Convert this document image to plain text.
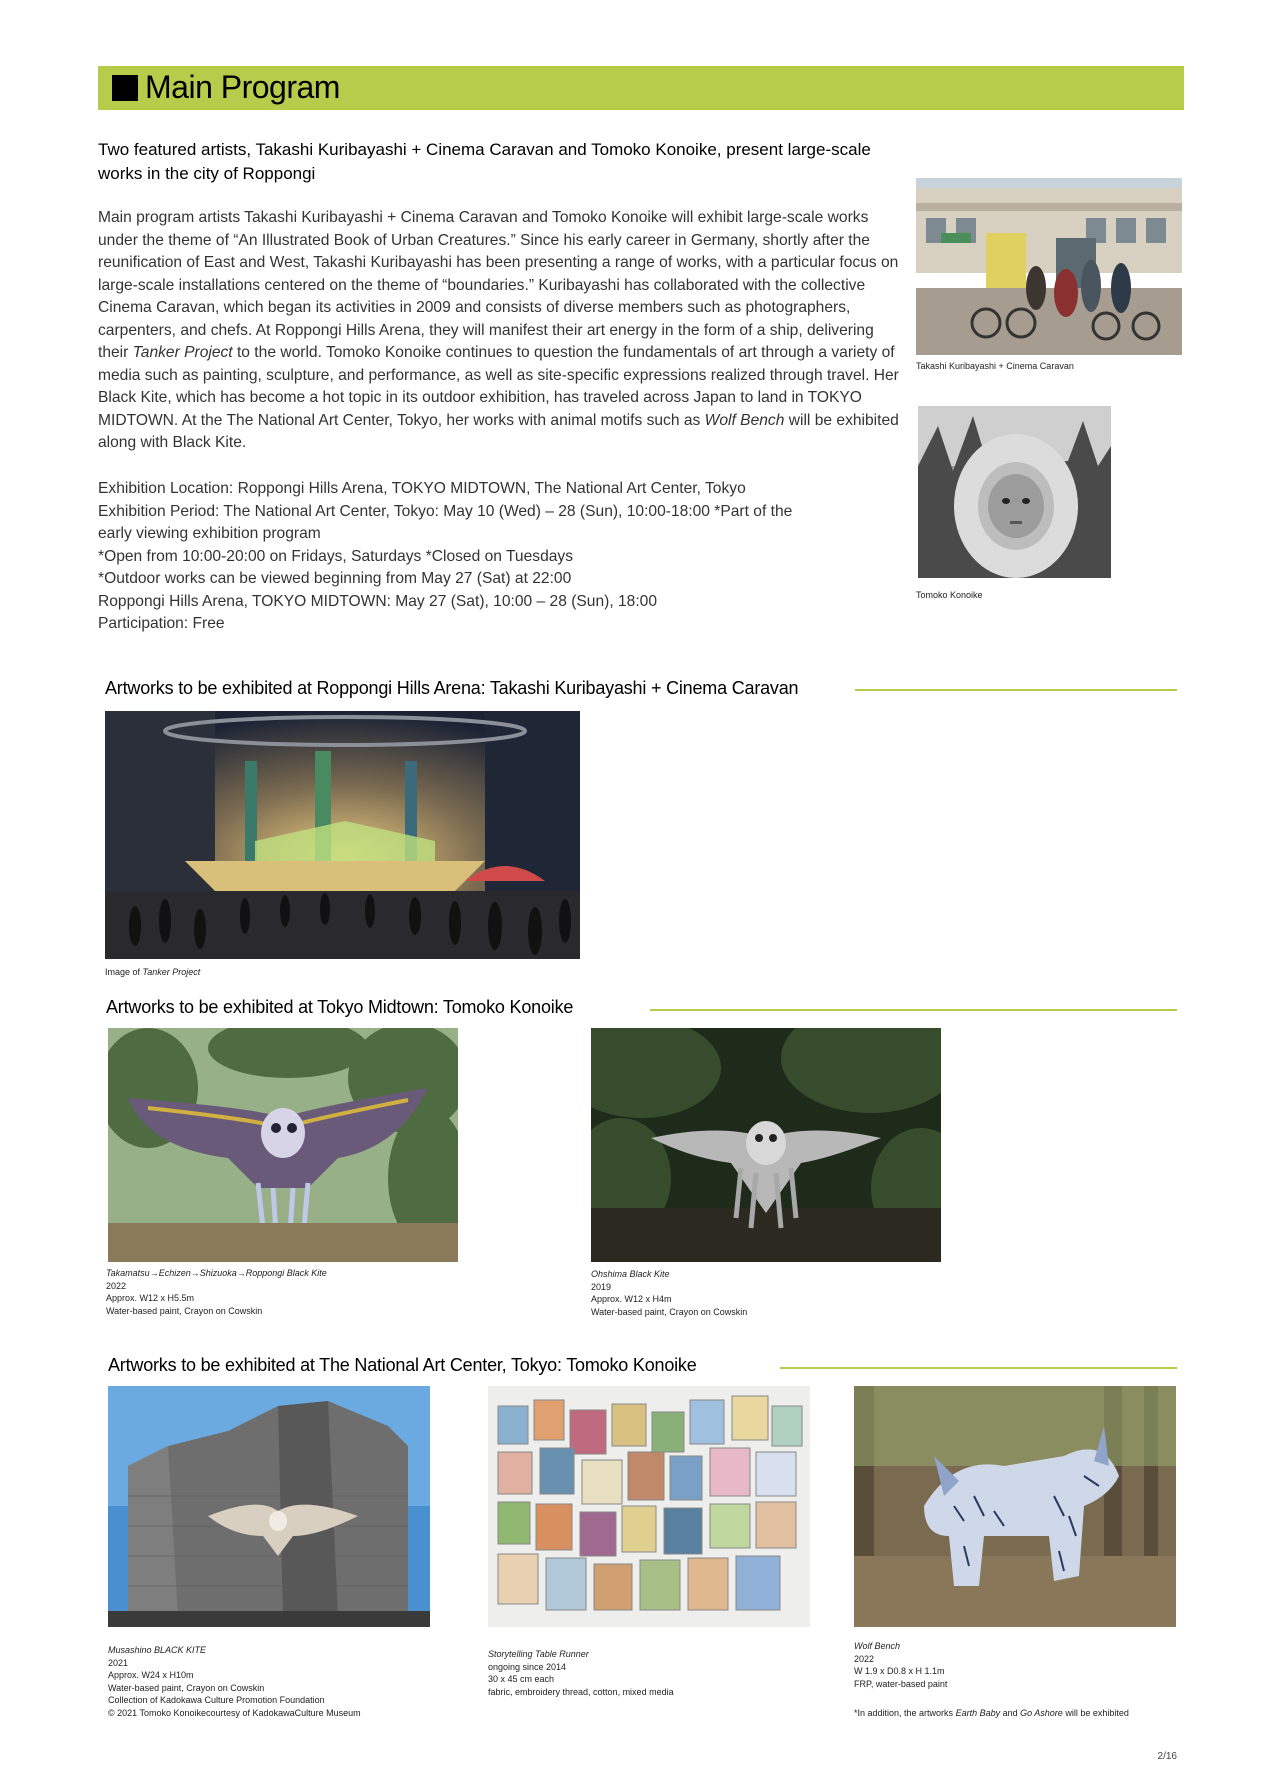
Main Program
Two featured artists, Takashi Kuribayashi + Cinema Caravan and Tomoko Konoike, present large-scale works in the city of Roppongi
Main program artists Takashi Kuribayashi + Cinema Caravan and Tomoko Konoike will exhibit large-scale works under the theme of “An Illustrated Book of Urban Creatures.” Since his early career in Germany, shortly after the reunification of East and West, Takashi Kuribayashi has been presenting a range of works, with a particular focus on large-scale installations centered on the theme of “boundaries.” Kuribayashi has collaborated with the collective Cinema Caravan, which began its activities in 2009 and consists of diverse members such as photographers, carpenters, and chefs. At Roppongi Hills Arena, they will manifest their art energy in the form of a ship, delivering their Tanker Project to the world. Tomoko Konoike continues to question the fundamentals of art through a variety of media such as painting, sculpture, and performance, as well as site-specific expressions realized through travel. Her Black Kite, which has become a hot topic in its outdoor exhibition, has traveled across Japan to land in TOKYO MIDTOWN. At the The National Art Center, Tokyo, her works with animal motifs such as Wolf Bench will be exhibited along with Black Kite.
Exhibition Location: Roppongi Hills Arena, TOKYO MIDTOWN, The National Art Center, Tokyo
Exhibition Period: The National Art Center, Tokyo: May 10 (Wed) – 28 (Sun), 10:00-18:00 *Part of the
early viewing exhibition program
*Open from 10:00-20:00 on Fridays, Saturdays *Closed on Tuesdays
*Outdoor works can be viewed beginning from May 27 (Sat) at 22:00
Roppongi Hills Arena, TOKYO MIDTOWN: May 27 (Sat), 10:00 – 28 (Sun), 18:00
Participation: Free
Takashi Kuribayashi + Cinema Caravan
Tomoko Konoike
Artworks to be exhibited at Roppongi Hills Arena: Takashi Kuribayashi + Cinema Caravan
Image of Tanker Project
Artworks to be exhibited at Tokyo Midtown: Tomoko Konoike
Takamatsu→Echizen→Shizuoka→Roppongi Black Kite
2022
Approx. W12 x H5.5m
Water-based paint, Crayon on Cowskin
Ohshima Black Kite
2019
Approx. W12 x H4m
Water-based paint, Crayon on Cowskin
Artworks to be exhibited at The National Art Center, Tokyo: Tomoko Konoike
Musashino BLACK KITE
2021
Approx. W24 x H10m
Water-based paint, Crayon on Cowskin
Collection of Kadokawa Culture Promotion Foundation
© 2021 Tomoko Konoikecourtesy of KadokawaCulture Museum
Storytelling Table Runner
ongoing since 2014
30 x 45 cm each
fabric, embroidery thread, cotton, mixed media
Wolf Bench
2022
W 1.9 x D0.8 x H 1.1m
FRP, water-based paint
*In addition, the artworks Earth Baby and Go Ashore will be exhibited
2/16
